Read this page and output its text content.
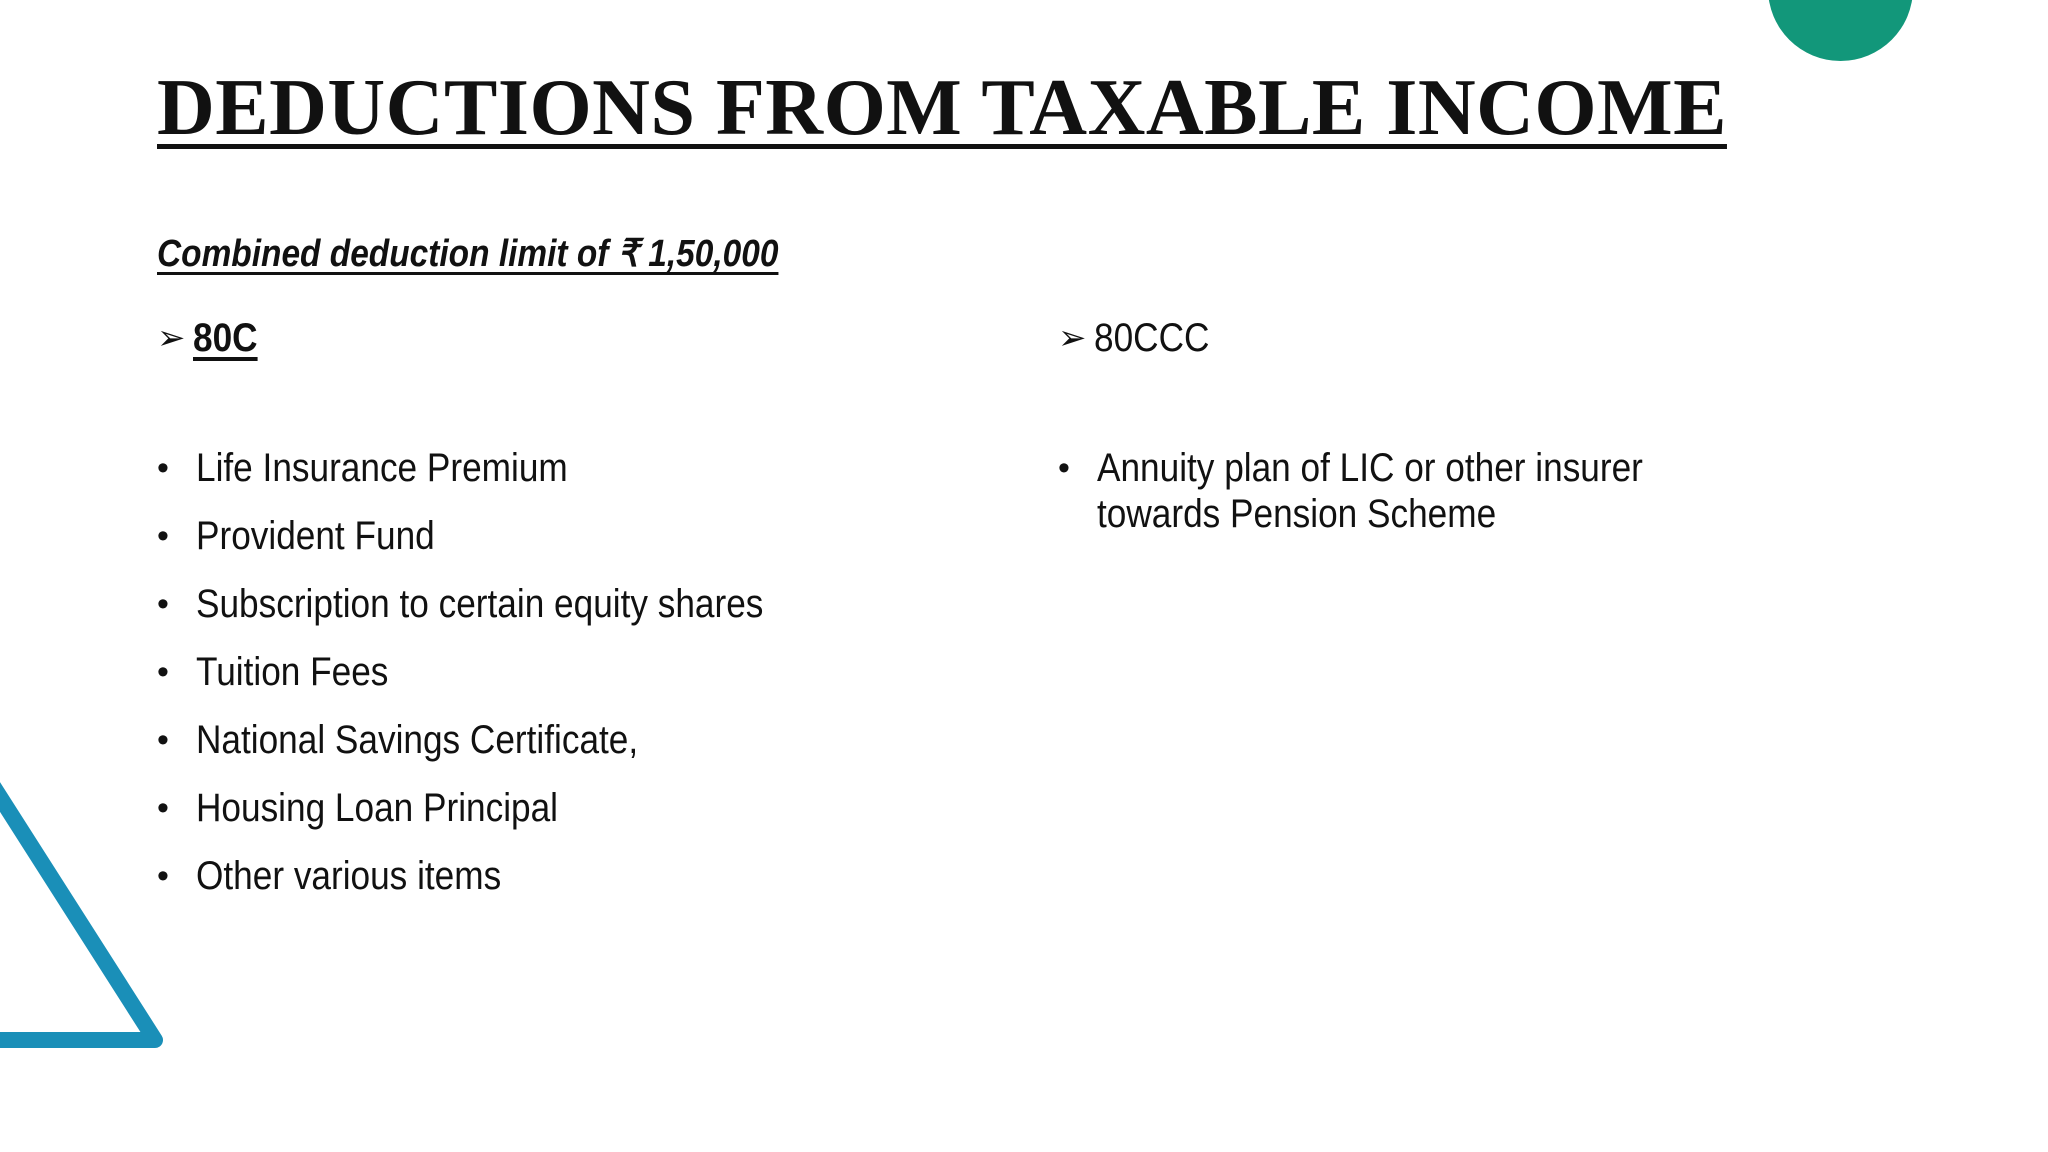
DEDUCTIONS FROM TAXABLE INCOME

Combined deduction limit of ₹ 1,50,000

➢ 80C
• Life Insurance Premium
• Provident Fund
• Subscription to certain equity shares
• Tuition Fees
• National Savings Certificate,
• Housing Loan Principal
• Other various items
➢ 80CCC
• Annuity plan of LIC or other insurer towards Pension Scheme
